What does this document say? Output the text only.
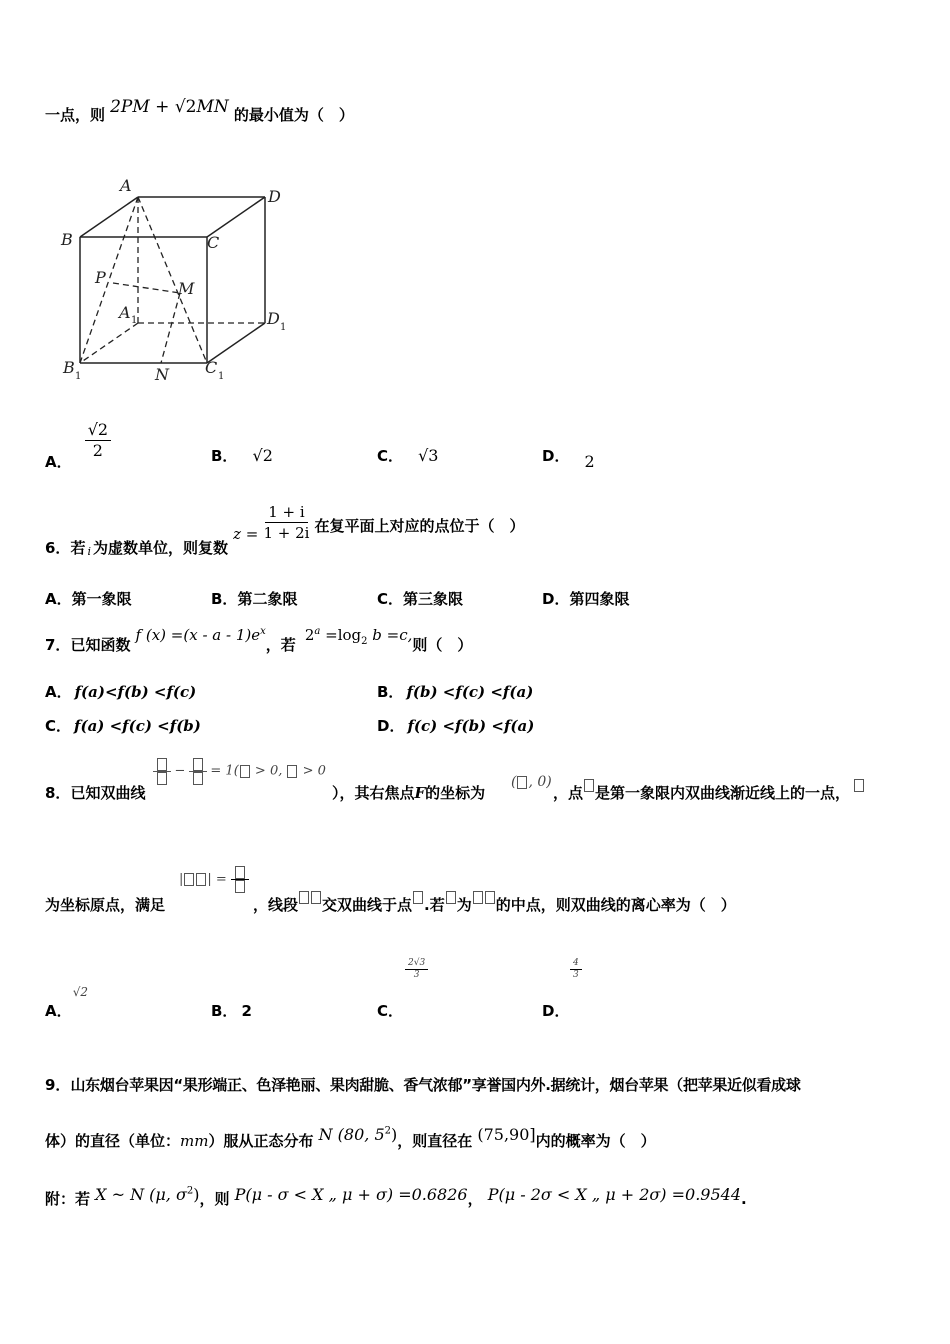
一点，则 2PM + √2MN 的最小值为（　）
A
D
B	C
P
M
A 1	D 1
B 1	N C 1
A．
$\frac{√2}{2}$	B． √2	C． √3	D． 2
6．若 $_i$ 为虚数单位，则复数 $z = \frac{1 + i}{1 + 2i}$ 在复平面上对应的点位于（　）
A．第一象限	B．第二象限	C．第三象限	D．第四象限
7．已知函数 f $(x) =(x - a - 1)e^x$，若 $2^a =\log_2$ b =c,则（　）
A． f(a)<f(b) <f(c)	B． f(b) <f(c) <f(a)
C． f(a) <f(c) <f(b)	D． f(c) <f(b) <f(a)
8．已知双曲线
− = 1( > 0,  > 0
），其右焦点F的坐标为
( , 0)
，点 是第一象限内双曲线渐近线上的一点，
为坐标原点，满足
| | =
，线段 交双曲线于点 .若 为 的中点，则双曲线的离心率为（　）
A． √2
B． 2	C．
$\frac{2√3}{3}$
D．
$\frac{4}{3}$
9．山东烟台苹果因“果形端正、色泽艳丽、果肉甜脆、香气浓郁”享誉国内外.据统计，烟台苹果（把苹果近似看成球
体）的直径（单位：mm）服从正态分布 N (80, $5^2$)，则直径在 (75,90]内的概率为（　）
附：若 X ~ N (μ, $\sigma^2$)，则 P(μ - σ < X „ μ + σ) =0.6826， P(μ - 2σ < X „ μ + 2σ) =0.9544.
